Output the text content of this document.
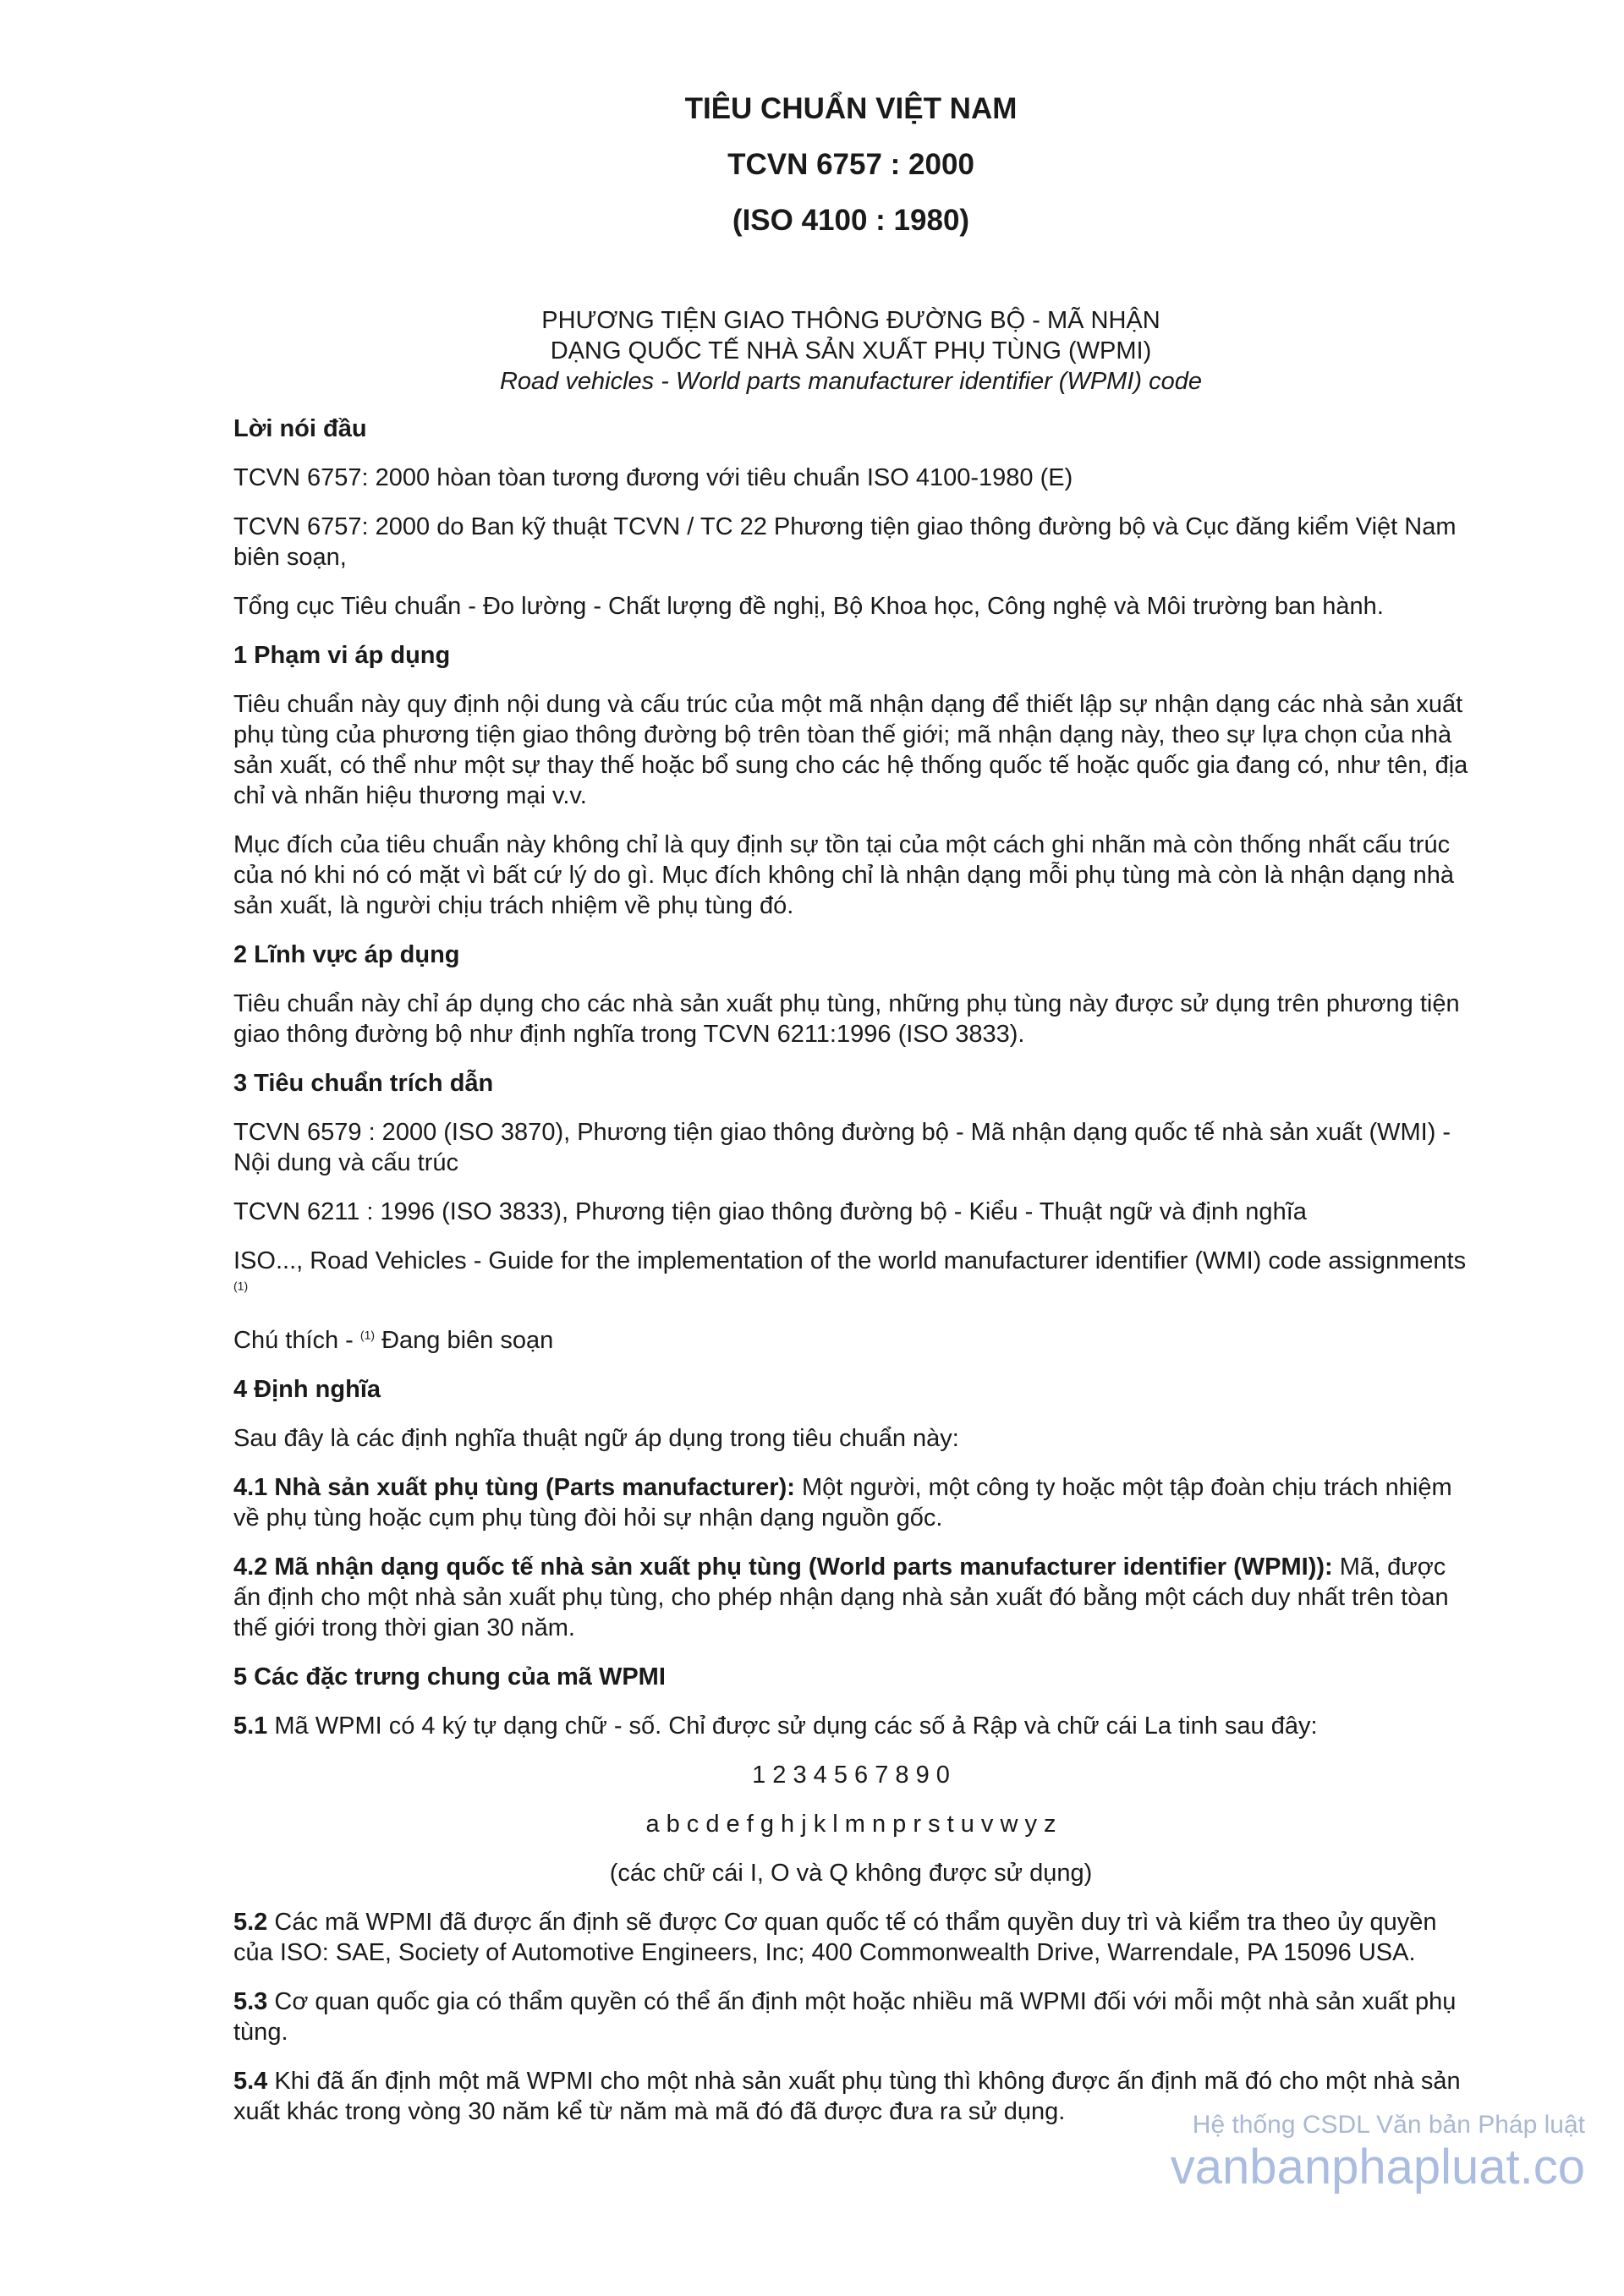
TIÊU CHUẨN VIỆT NAM

TCVN 6757 : 2000

(ISO 4100 : 1980)

PHƯƠNG TIỆN GIAO THÔNG ĐƯỜNG BỘ - MÃ NHẬN
DẠNG QUỐC TẾ NHÀ SẢN XUẤT PHỤ TÙNG (WPMI)
Road vehicles - World parts manufacturer identifier (WPMI) code

Lời nói đầu

TCVN 6757: 2000 hòan tòan tương đương với tiêu chuẩn ISO 4100-1980 (E)

TCVN 6757: 2000 do Ban kỹ thuật TCVN / TC 22 Phương tiện giao thông đường bộ và Cục đăng kiểm Việt Nam biên soạn,

Tổng cục Tiêu chuẩn - Đo lường - Chất lượng đề nghị, Bộ Khoa học, Công nghệ và Môi trường ban hành.

1 Phạm vi áp dụng

Tiêu chuẩn này quy định nội dung và cấu trúc của một mã nhận dạng để thiết lập sự nhận dạng các nhà sản xuất phụ tùng của phương tiện giao thông đường bộ trên tòan thế giới; mã nhận dạng này, theo sự lựa chọn của nhà sản xuất, có thể như một sự thay thế hoặc bổ sung cho các hệ thống quốc tế hoặc quốc gia đang có, như tên, địa chỉ và nhãn hiệu thương mại v.v.

Mục đích của tiêu chuẩn này không chỉ là quy định sự tồn tại của một cách ghi nhãn mà còn thống nhất cấu trúc của nó khi nó có mặt vì bất cứ lý do gì. Mục đích không chỉ là nhận dạng mỗi phụ tùng mà còn là nhận dạng nhà sản xuất, là người chịu trách nhiệm về phụ tùng đó.

2 Lĩnh vực áp dụng

Tiêu chuẩn này chỉ áp dụng cho các nhà sản xuất phụ tùng, những phụ tùng này được sử dụng trên phương tiện giao thông đường bộ như định nghĩa trong TCVN 6211:1996 (ISO 3833).

3 Tiêu chuẩn trích dẫn

TCVN 6579 : 2000 (ISO 3870), Phương tiện giao thông đường bộ - Mã nhận dạng quốc tế nhà sản xuất (WMI) - Nội dung và cấu trúc

TCVN 6211 : 1996 (ISO 3833), Phương tiện giao thông đường bộ - Kiểu - Thuật ngữ và định nghĩa

ISO..., Road Vehicles - Guide for the implementation of the world manufacturer identifier (WMI) code assignments $^{(1)}$

Chú thích - $^{(1)}$ Đang biên soạn

4 Định nghĩa

Sau đây là các định nghĩa thuật ngữ áp dụng trong tiêu chuẩn này:

4.1 Nhà sản xuất phụ tùng (Parts manufacturer): Một người, một công ty hoặc một tập đoàn chịu trách nhiệm về phụ tùng hoặc cụm phụ tùng đòi hỏi sự nhận dạng nguồn gốc.

4.2 Mã nhận dạng quốc tế nhà sản xuất phụ tùng (World parts manufacturer identifier (WPMI)): Mã, được ấn định cho một nhà sản xuất phụ tùng, cho phép nhận dạng nhà sản xuất đó bằng một cách duy nhất trên tòan thế giới trong thời gian 30 năm.

5 Các đặc trưng chung của mã WPMI

5.1 Mã WPMI có 4 ký tự dạng chữ - số. Chỉ được sử dụng các số ả Rập và chữ cái La tinh sau đây:

1 2 3 4 5 6 7 8 9 0

a b c d e f g h j k l m n p r s t u v w y z

(các chữ cái I, O và Q không được sử dụng)

5.2 Các mã WPMI đã được ấn định sẽ được Cơ quan quốc tế có thẩm quyền duy trì và kiểm tra theo ủy quyền của ISO: SAE, Society of Automotive Engineers, Inc; 400 Commonwealth Drive, Warrendale, PA 15096 USA.

5.3 Cơ quan quốc gia có thẩm quyền có thể ấn định một hoặc nhiều mã WPMI đối với mỗi một nhà sản xuất phụ tùng.

5.4 Khi đã ấn định một mã WPMI cho một nhà sản xuất phụ tùng thì không được ấn định mã đó cho một nhà sản xuất khác trong vòng 30 năm kể từ năm mà mã đó đã được đưa ra sử dụng.	Hệ thống CSDL Văn bản Pháp luật
vanbanphapluat.co
